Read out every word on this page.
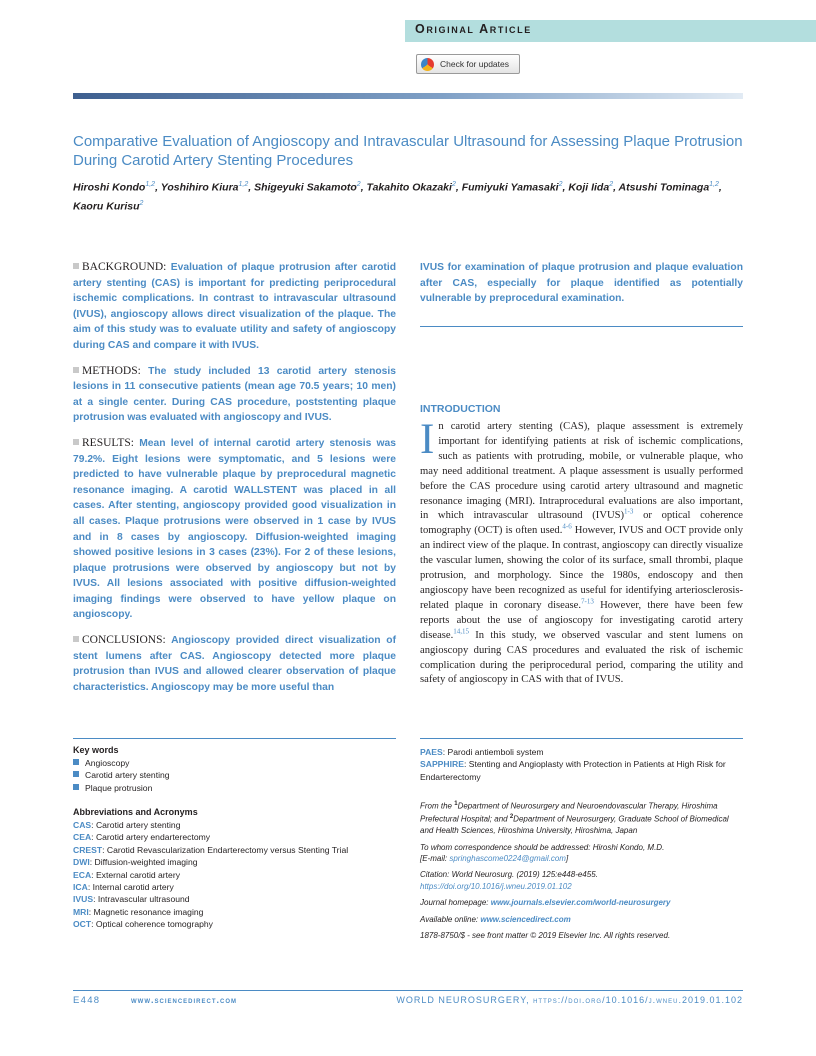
Original Article
Check for updates
Comparative Evaluation of Angioscopy and Intravascular Ultrasound for Assessing Plaque Protrusion During Carotid Artery Stenting Procedures
Hiroshi Kondo$^{1,2}$, Yoshihiro Kiura$^{1,2}$, Shigeyuki Sakamoto$^2$, Takahito Okazaki$^2$, Fumiyuki Yamasaki$^2$, Koji Iida$^2$, Atsushi Tominaga$^{1,2}$, Kaoru Kurisu$^2$

BACKGROUND: Evaluation of plaque protrusion after carotid artery stenting (CAS) is important for predicting periprocedural ischemic complications. In contrast to intravascular ultrasound (IVUS), angioscopy allows direct visualization of the plaque. The aim of this study was to evaluate utility and safety of angioscopy during CAS and compare it with IVUS.

METHODS: The study included 13 carotid artery stenosis lesions in 11 consecutive patients (mean age 70.5 years; 10 men) at a single center. During CAS procedure, poststenting plaque protrusion was evaluated with angioscopy and IVUS.

RESULTS: Mean level of internal carotid artery stenosis was 79.2%. Eight lesions were symptomatic, and 5 lesions were predicted to have vulnerable plaque by preprocedural magnetic resonance imaging. A carotid WALLSTENT was placed in all cases. After stenting, angioscopy provided good visualization in all cases. Plaque protrusions were observed in 1 case by IVUS and in 8 cases by angioscopy. Diffusion-weighted imaging showed positive lesions in 3 cases (23%). For 2 of these lesions, plaque protrusions were observed by angioscopy but not by IVUS. All lesions associated with positive diffusion-weighted imaging findings were observed to have yellow plaque on angioscopy.

CONCLUSIONS: Angioscopy provided direct visualization of stent lumens after CAS. Angioscopy detected more plaque protrusion than IVUS and allowed clearer observation of plaque characteristics. Angioscopy may be more useful than

IVUS for examination of plaque protrusion and plaque evaluation after CAS, especially for plaque identified as potentially vulnerable by preprocedural examination.

INTRODUCTION
In carotid artery stenting (CAS), plaque assessment is extremely important for identifying patients at risk of ischemic complications, such as patients with protruding, mobile, or vulnerable plaque, who may need additional treatment. A plaque assessment is usually performed before the CAS procedure using carotid artery ultrasound and magnetic resonance imaging (MRI). Intraprocedural evaluations are also important, in which intravascular ultrasound (IVUS)$^{1-3}$ or optical coherence tomography (OCT) is often used.$^{4-6}$ However, IVUS and OCT provide only an indirect view of the plaque. In contrast, angioscopy can directly visualize the vascular lumen, showing the color of its surface, small thrombi, plaque protrusion, and morphology. Since the 1980s, endoscopy and then angioscopy have been recognized as useful for identifying arteriosclerosis-related plaque in coronary disease.$^{7-13}$ However, there have been few reports about the use of angioscopy for investigating carotid artery disease.$^{14,15}$ In this study, we observed vascular and stent lumens on angioscopy during CAS procedures and evaluated the risk of ischemic complication during the periprocedural period, comparing the utility and safety of angioscopy in CAS with that of IVUS.
Key words
Angioscopy
Carotid artery stenting
Plaque protrusion
Abbreviations and Acronyms
CAS: Carotid artery stenting
CEA: Carotid artery endarterectomy
CREST: Carotid Revascularization Endarterectomy versus Stenting Trial
DWI: Diffusion-weighted imaging
ECA: External carotid artery
ICA: Internal carotid artery
IVUS: Intravascular ultrasound
MRI: Magnetic resonance imaging
OCT: Optical coherence tomography
PAES: Parodi antiemboli system
SAPPHIRE: Stenting and Angioplasty with Protection in Patients at High Risk for Endarterectomy

From the $^1$Department of Neurosurgery and Neuroendovascular Therapy, Hiroshima Prefectural Hospital; and $^2$Department of Neurosurgery, Graduate School of Biomedical and Health Sciences, Hiroshima University, Hiroshima, Japan

To whom correspondence should be addressed: Hiroshi Kondo, M.D.
[E-mail: springhascome0224@gmail.com]

Citation: World Neurosurg. (2019) 125:e448-e455.
https://doi.org/10.1016/j.wneu.2019.01.102

Journal homepage: www.journals.elsevier.com/world-neurosurgery

Available online: www.sciencedirect.com

1878-8750/$ - see front matter © 2019 Elsevier Inc. All rights reserved.

E448	www.sciencedirect.com	WORLD NEUROSURGERY, https://doi.org/10.1016/j.wneu.2019.01.102
